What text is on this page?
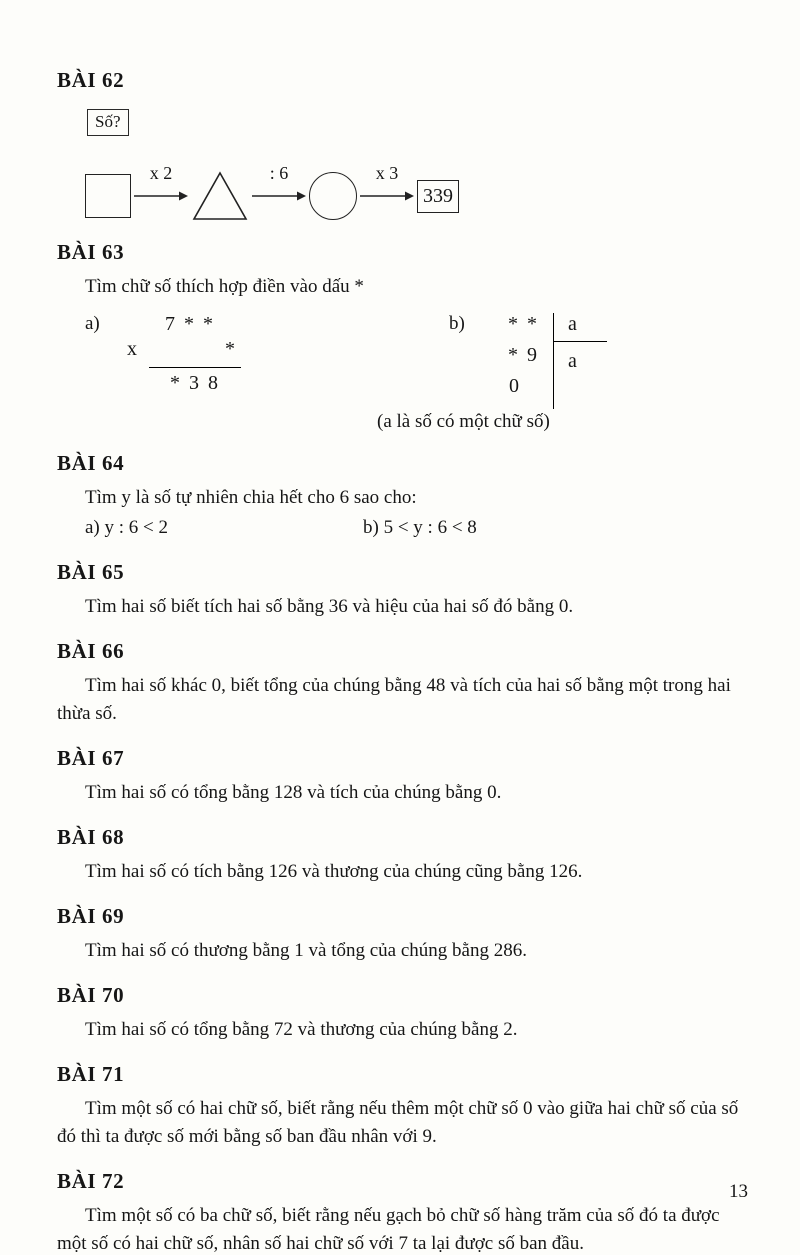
BÀI 62
Số?
x 2	: 6	x 3
339
BÀI 63

Tìm chữ số thích hợp điền vào dấu *

a)	7 * *
x	*
* 3 8
b)	* *
* 9
0
a
a
(a là số có một chữ số)
BÀI 64

Tìm y là số tự nhiên chia hết cho 6 sao cho:

a) y : 6 < 2	b) 5 < y : 6 < 8
BÀI 65

Tìm hai số biết tích hai số bằng 36 và hiệu của hai số đó bằng 0.

BÀI 66

Tìm hai số khác 0, biết tổng của chúng bằng 48 và tích của hai số bằng một trong hai thừa số.

BÀI 67

Tìm hai số có tổng bằng 128 và tích của chúng bằng 0.

BÀI 68

Tìm hai số có tích bằng 126 và thương của chúng cũng bằng 126.

BÀI 69

Tìm hai số có thương bằng 1 và tổng của chúng bằng 286.

BÀI 70

Tìm hai số có tổng bằng 72 và thương của chúng bằng 2.

BÀI 71

Tìm một số có hai chữ số, biết rằng nếu thêm một chữ số 0 vào giữa hai chữ số của số đó thì ta được số mới bằng số ban đầu nhân với 9.

BÀI 72

Tìm một số có ba chữ số, biết rằng nếu gạch bỏ chữ số hàng trăm của số đó ta được một số có hai chữ số, nhân số hai chữ số với 7 ta lại được số ban đầu.

13
